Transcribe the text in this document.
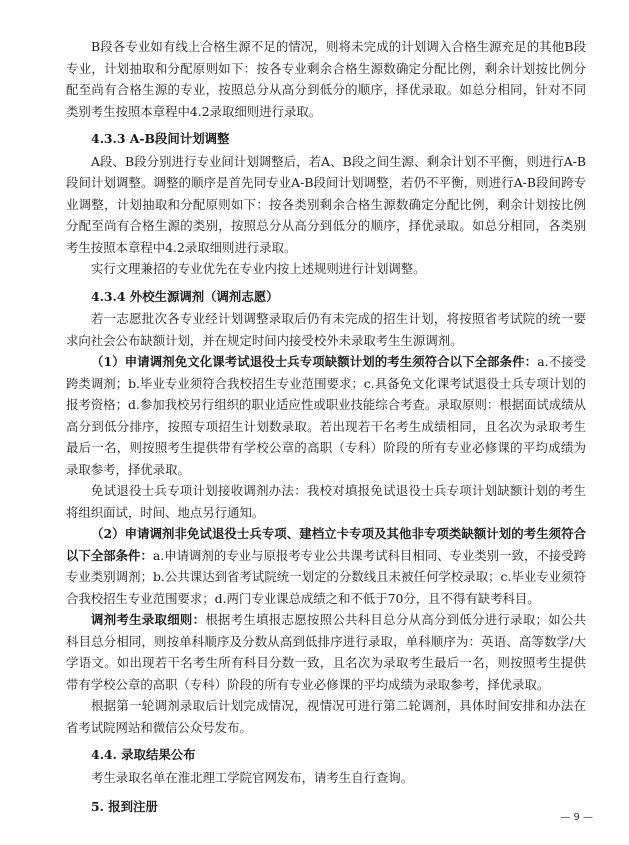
B段各专业如有线上合格生源不足的情况，则将未完成的计划调入合格生源充足的其他B段专业，计划抽取和分配原则如下：按各专业剩余合格生源数确定分配比例，剩余计划按比例分配至尚有合格生源的专业，按照总分从高分到低分的顺序，择优录取。如总分相同，针对不同类别考生按照本章程中4.2录取细则进行录取。

4.3.3 A-B段间计划调整

A段、B段分别进行专业间计划调整后，若A、B段之间生源、剩余计划不平衡，则进行A-B段间计划调整。调整的顺序是首先同专业A-B段间计划调整，若仍不平衡，则进行A-B段间跨专业调整，计划抽取和分配原则如下：按各类别剩余合格生源数确定分配比例，剩余计划按比例分配至尚有合格生源的类别，按照总分从高分到低分的顺序，择优录取。如总分相同，各类别考生按照本章程中4.2录取细则进行录取。

实行文理兼招的专业优先在专业内按上述规则进行计划调整。

4.3.4 外校生源调剂（调剂志愿）

若一志愿批次各专业经计划调整录取后仍有未完成的招生计划，将按照省考试院的统一要求向社会公布缺额计划，并在规定时间内接受校外未录取考生生源调剂。

（1）申请调剂免文化课考试退役士兵专项缺额计划的考生须符合以下全部条件：a.不接受跨类调剂；b.毕业专业须符合我校招生专业范围要求；c.具备免文化课考试退役士兵专项计划的报考资格；d.参加我校另行组织的职业适应性或职业技能综合考查。录取原则：根据面试成绩从高分到低分排序，按照专项招生计划数录取。若出现若干名考生成绩相同，且名次为录取考生最后一名，则按照考生提供带有学校公章的高职（专科）阶段的所有专业必修课的平均成绩为录取参考，择优录取。

免试退役士兵专项计划接收调剂办法：我校对填报免试退役士兵专项计划缺额计划的考生将组织面试，时间、地点另行通知。

（2）申请调剂非免试退役士兵专项、建档立卡专项及其他非专项类缺额计划的考生须符合以下全部条件：a.申请调剂的专业与原报考专业公共课考试科目相同、专业类别一致，不接受跨专业类别调剂；b.公共课达到省考试院统一划定的分数线且未被任何学校录取；c.毕业专业须符合我校招生专业范围要求；d.两门专业课总成绩之和不低于70分，且不得有缺考科目。

调剂考生录取细则：根据考生填报志愿按照公共科目总分从高分到低分进行录取；如公共科目总分相同，则按单科顺序及分数从高到低排序进行录取，单科顺序为：英语、高等数学/大学语文。如出现若干名考生所有科目分数一致，且名次为录取考生最后一名，则按照考生提供带有学校公章的高职（专科）阶段的所有专业必修课的平均成绩为录取参考，择优录取。

根据第一轮调剂录取后计划完成情况，视情况可进行第二轮调剂，具体时间安排和办法在省考试院网站和微信公众号发布。

4.4. 录取结果公布

考生录取名单在淮北理工学院官网发布，请考生自行查询。

5. 报到注册

— 9 —
